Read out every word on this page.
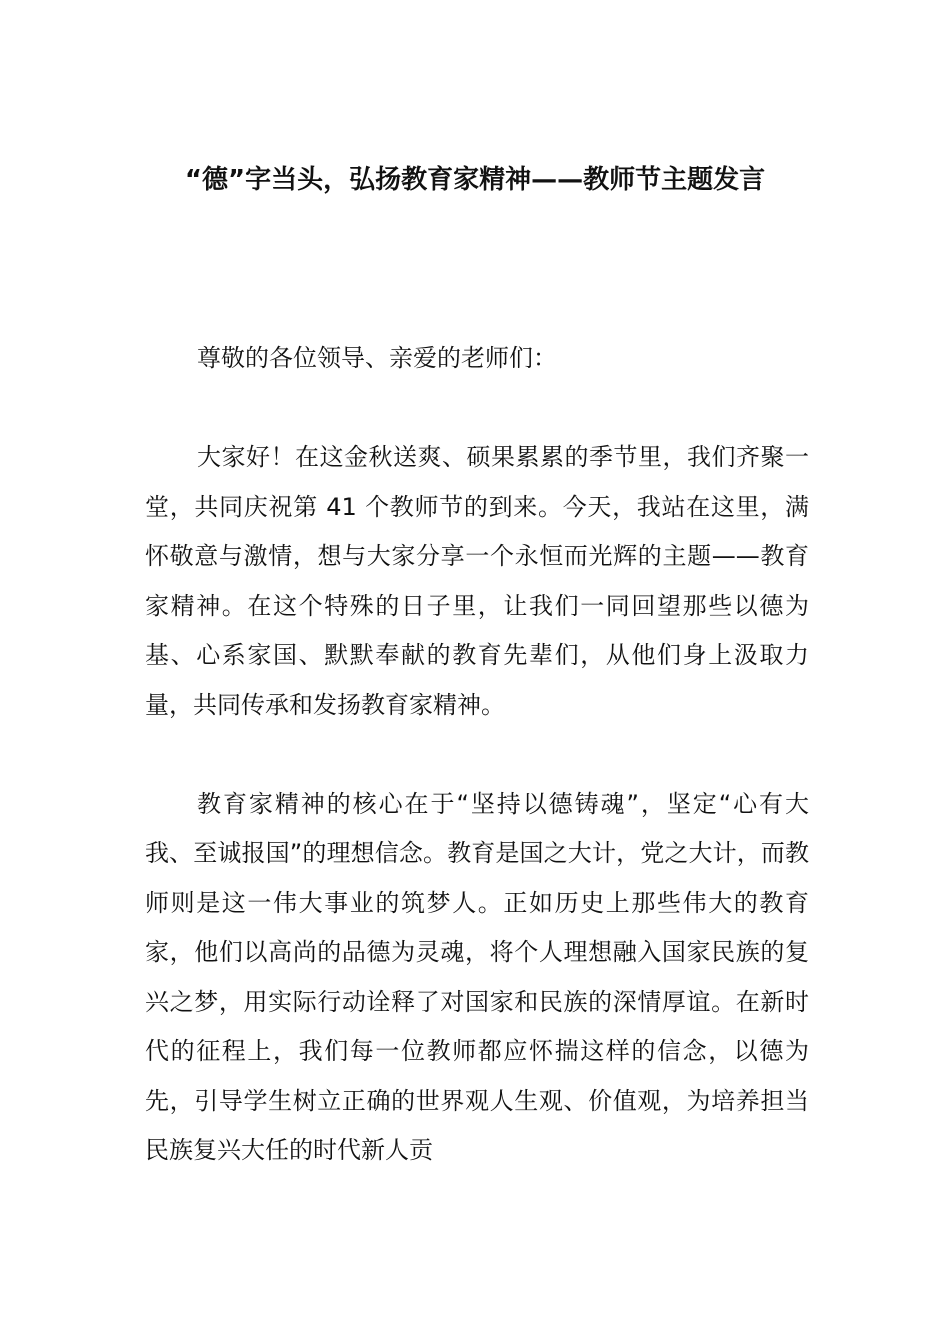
“德”字当头，弘扬教育家精神——教师节主题发言

尊敬的各位领导、亲爱的老师们：

大家好！在这金秋送爽、硕果累累的季节里，我们齐聚一堂，共同庆祝第 41 个教师节的到来。今天，我站在这里，满怀敬意与激情，想与大家分享一个永恒而光辉的主题——教育家精神。在这个特殊的日子里，让我们一同回望那些以德为基、心系家国、默默奉献的教育先辈们，从他们身上汲取力量，共同传承和发扬教育家精神。

教育家精神的核心在于“坚持以德铸魂”，坚定“心有大我、至诚报国”的理想信念。教育是国之大计，党之大计，而教师则是这一伟大事业的筑梦人。正如历史上那些伟大的教育家，他们以高尚的品德为灵魂，将个人理想融入国家民族的复兴之梦，用实际行动诠释了对国家和民族的深情厚谊。在新时代的征程上，我们每一位教师都应怀揣这样的信念，以德为先，引导学生树立正确的世界观人生观、价值观，为培养担当民族复兴大任的时代新人贡
